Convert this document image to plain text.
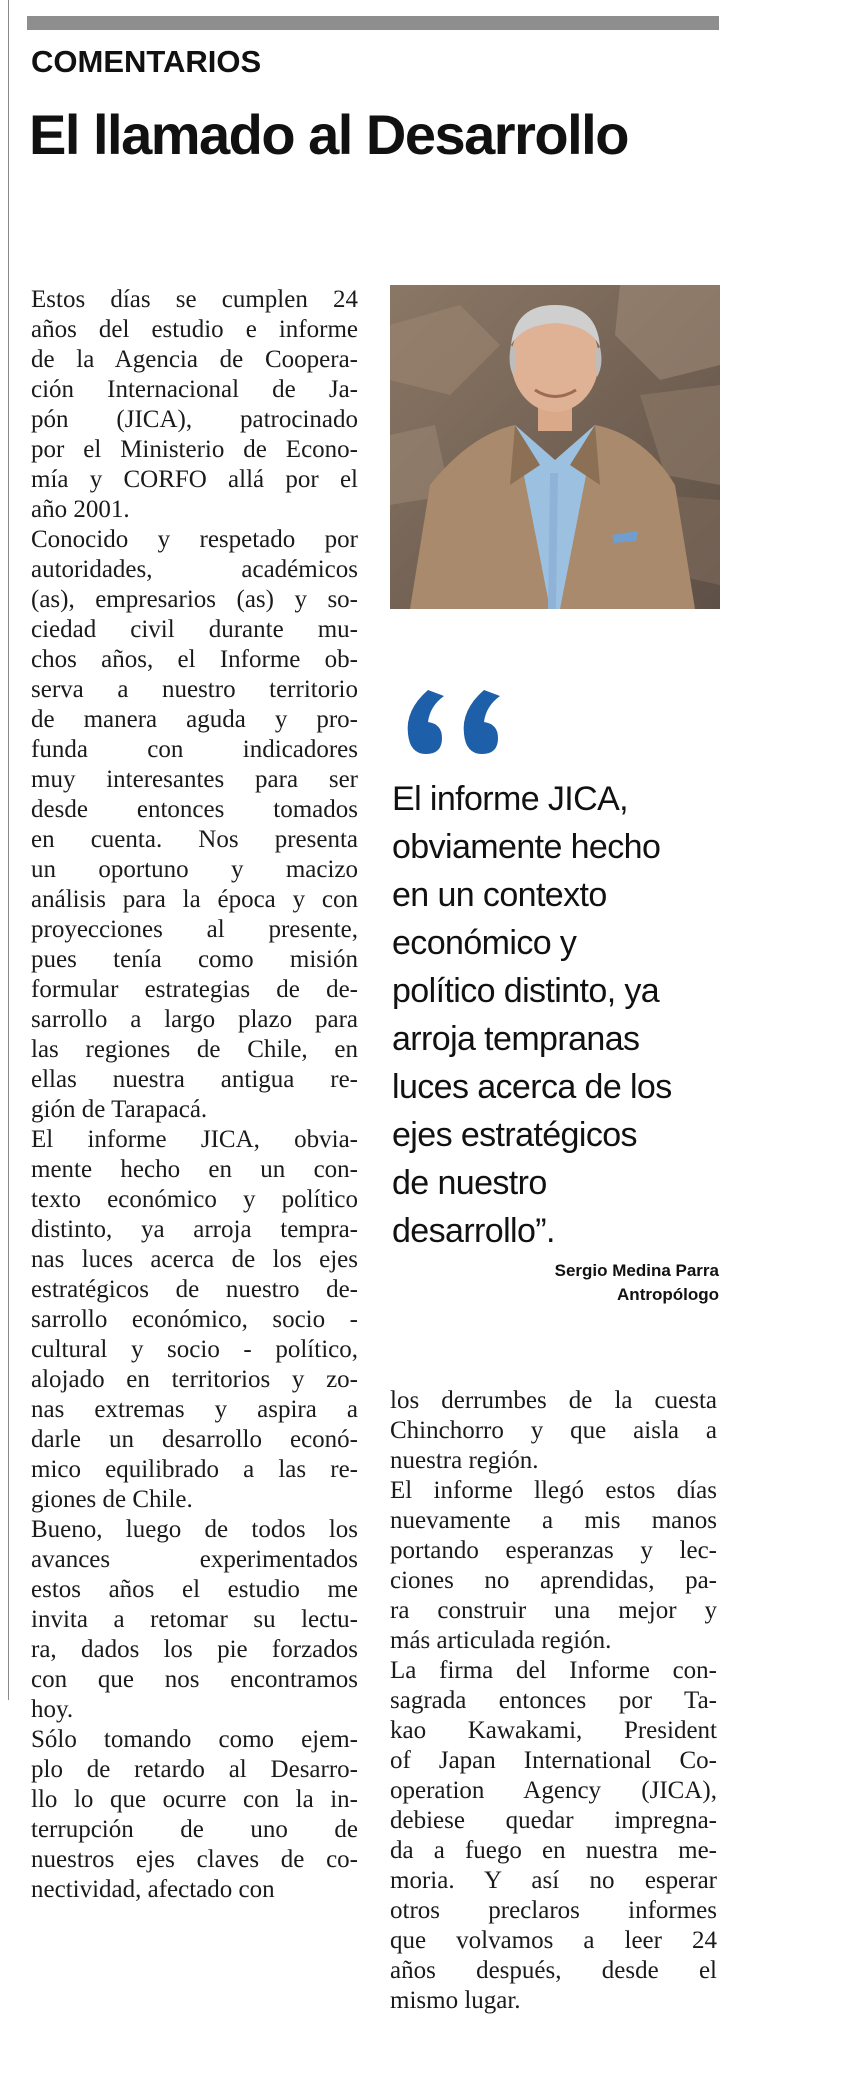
COMENTARIOS
El llamado al Desarrollo

Estos días se cumplen 24
años del estudio e informe
de la Agencia de Cooperа-
ción Internacional de Ja-
pón (JICA), patrocinado
por el Ministerio de Econo-
mía y CORFO allá por el
año 2001.

Conocido y respetado por
autoridades, académicos
(as), empresarios (as) y so-
ciedad civil durante mu-
chos años, el Informe ob-
serva a nuestro territorio
de manera aguda y pro-
funda con indicadores
muy interesantes para ser
desde entonces tomados
en cuenta. Nos presenta
un oportuno y macizo
análisis para la época y con
proyecciones al presente,
pues tenía como misión
formular estrategias de de-
sarrollo a largo plazo para
las regiones de Chile, en
ellas nuestra antigua re-
gión de Tarapacá.

El informe JICA, obvia-
mente hecho en un con-
texto económico y político
distinto, ya arroja tempra-
nas luces acerca de los ejes
estratégicos de nuestro de-
sarrollo económico, socio -
cultural y socio - político,
alojado en territorios y zo-
nas extremas y aspira a
darle un desarrollo econó-
mico equilibrado a las re-
giones de Chile.

Bueno, luego de todos los
avances experimentados
estos años el estudio me
invita a retomar su lectu-
ra, dados los pie forzados
con que nos encontramos
hoy.

Sólo tomando como ejem-
plo de retardo al Desarro-
llo lo que ocurre con la in-
terrupción de uno de
nuestros ejes claves de co-
nectividad, afectado con

El informe JICA,
obviamente hecho
en un contexto
económico y
político distinto, ya
arroja tempranas
luces acerca de los
ejes estratégicos
de nuestro
desarrollo”.
Sergio Medina Parra
Antropólogo

los derrumbes de la cuesta
Chinchorro y que aisla a
nuestra región.

El informe llegó estos días
nuevamente a mis manos
portando esperanzas y lec-
ciones no aprendidas, pa-
ra construir una mejor y
más articulada región.

La firma del Informe con-
sagrada entonces por Ta-
kao Kawakami, President
of Japan International Co-
operation Agency (JICA),
debiese quedar impregna-
da a fuego en nuestra me-
moria. Y así no esperar
otros preclaros informes
que volvamos a leer 24
años después, desde el
mismo lugar.
